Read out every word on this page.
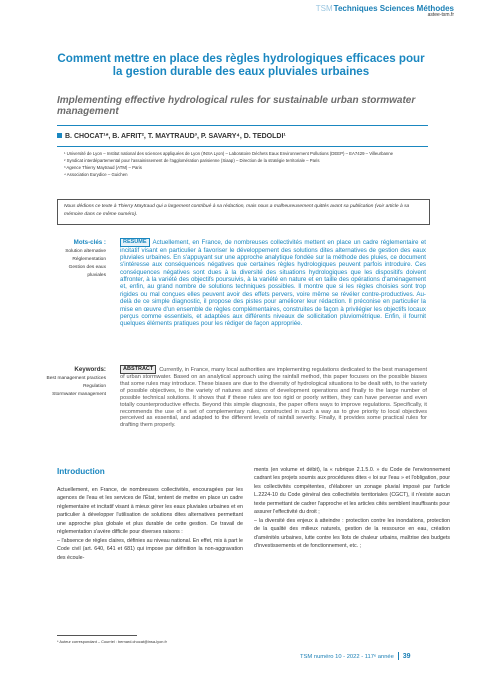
TSMTechniques Sciences Méthodes
astee-tsm.fr
Comment mettre en place des règles hydrologiques efficaces pour la gestion durable des eaux pluviales urbaines
Implementing effective hydrological rules for sustainable urban stormwater management
B. CHOCAT¹*, B. AFRIT², T. MAYTRAUD³, P. SAVARY⁴, D. TEDOLDI¹
¹ Université de Lyon – Institut national des sciences appliquées de Lyon (INSA Lyon) – Laboratoire Déchets Eaux Environnement Pollutions (DEEP) – EA7429 – Villeurbanne
² Syndicat interdépartemental pour l'assainissement de l'agglomération parisienne (Siaap) – Direction de la stratégie territoriale – Paris
³ Agence Thierry Maytraud (ATM) – Paris
⁴ Association Eurydice – Guichen
Nous dédions ce texte à Thierry Maytraud qui a largement contribué à sa rédaction, mais nous a malheureusement quittés avant sa publication (voir article à sa mémoire dans ce même numéro).
Mots-clés :
Solution alternative
Réglementation
Gestion des eaux
pluviales
RÉSUMÉ Actuellement, en France, de nombreuses collectivités mettent en place un cadre réglementaire et incitatif visant en particulier à favoriser le développement des solutions dites alternatives de gestion des eaux pluviales urbaines. En s'appuyant sur une approche analytique fondée sur la méthode des pluies, ce document s'intéresse aux conséquences négatives que certaines règles hydrologiques peuvent parfois introduire. Ces conséquences négatives sont dues à la diversité des situations hydrologiques que les dispositifs doivent affronter, à la variété des objectifs poursuivis, à la variété en nature et en taille des opérations d'aménagement et, enfin, au grand nombre de solutions techniques possibles. Il montre que si les règles choisies sont trop rigides ou mal conçues elles peuvent avoir des effets pervers, voire même se révéler contre-productives. Au-delà de ce simple diagnostic, il propose des pistes pour améliorer leur rédaction. Il préconise en particulier la mise en œuvre d'un ensemble de règles complémentaires, construites de façon à privilégier les objectifs locaux perçus comme essentiels, et adaptées aux différents niveaux de sollicitation pluviométrique. Enfin, il fournit quelques éléments pratiques pour les rédiger de façon appropriée.
Keywords:
Best management practices
Regulation
Stormwater management
ABSTRACT Currently, in France, many local authorities are implementing regulations dedicated to the best management of urban stormwater. Based on an analytical approach using the rainfall method, this paper focuses on the possible biases that some rules may introduce. These biases are due to the diversity of hydrological situations to be dealt with, to the variety of possible objectives, to the variety of natures and sizes of development operations and finally to the large number of possible technical solutions. It shows that if these rules are too rigid or poorly written, they can have perverse and even totally counterproductive effects. Beyond this simple diagnosis, the paper offers ways to improve regulations. Specifically, it recommends the use of a set of complementary rules, constructed in such a way as to give priority to local objectives perceived as essential, and adapted to the different levels of rainfall severity. Finally, it provides some practical rules for drafting them properly.
Introduction

Actuellement, en France, de nombreuses collectivités, encouragées par les agences de l'eau et les services de l'État, tentent de mettre en place un cadre réglementaire et incitatif visant à mieux gérer les eaux pluviales urbaines et en particulier à développer l'utilisation de solutions dites alternatives permettant une approche plus globale et plus durable de cette gestion. Ce travail de réglementation s'avère difficile pour diverses raisons :

– l'absence de règles claires, définies au niveau national. En effet, mis à part le Code civil (art. 640, 641 et 681) qui impose par définition la non-aggravation des écoule-

ments (en volume et débit), la « rubrique 2.1.5.0. » du Code de l'environnement cadrant les projets soumis aux procédures dites « loi sur l'eau » et l'obligation, pour les collectivités compétentes, d'élaborer un zonage pluvial imposé par l'article L.2224-10 du Code général des collectivités territoriales (CGCT), il n'existe aucun texte permettant de cadrer l'approche et les articles cités semblent insuffisants pour assurer l'effectivité du droit ;

– la diversité des enjeux à atteindre : protection contre les inondations, protection de la qualité des milieux naturels, gestion de la ressource en eau, création d'aménités urbaines, lutte contre les îlots de chaleur urbains, maîtrise des budgets d'investissements et de fonctionnement, etc. ;

* Auteur correspondant – Courriel : bernard.chocat@insa-lyon.fr
TSM numéro 10 - 2022 - 117ᵉ année 39
